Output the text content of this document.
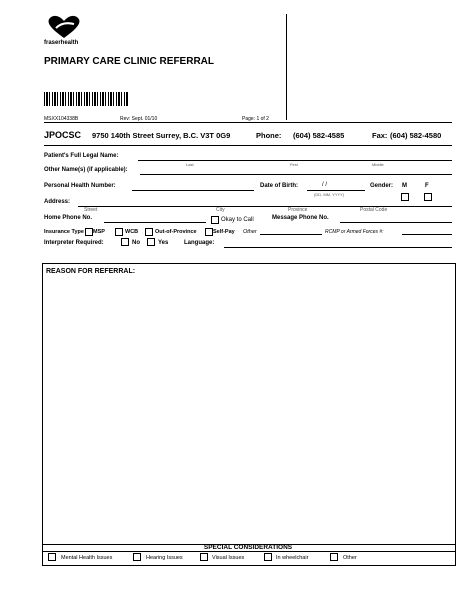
fraserhealth
PRIMARY CARE CLINIC REFERRAL
MSXX104338B	Rev: Sept. 01/10	Page: 1 of 2
JPOCSC 9750 140th Street Surrey, B.C. V3T 0G9	Phone: (604) 582-4585	Fax: (604) 582-4580
Patient's Full Legal Name:
Last	First	Middle
Other Name(s) (if applicable):
Personal Health Number:	Date of Birth:	/ /
(DD, MM, YYYY)
Gender: M	F
Address:
Street	City	Province	Postal Code
Home Phone No.	Okay to Call	Message Phone No.
Insurance Type MSP	WCB	Out-of-Province	Self-Pay Other	RCMP or Armed Forces #:
Interpreter Required:	No	Yes	Language:
REASON FOR REFERRAL:
SPECIAL CONSIDERATIONS
Mental Health Issues	Hearing Issues	Visual Issues	In wheelchair	Other
